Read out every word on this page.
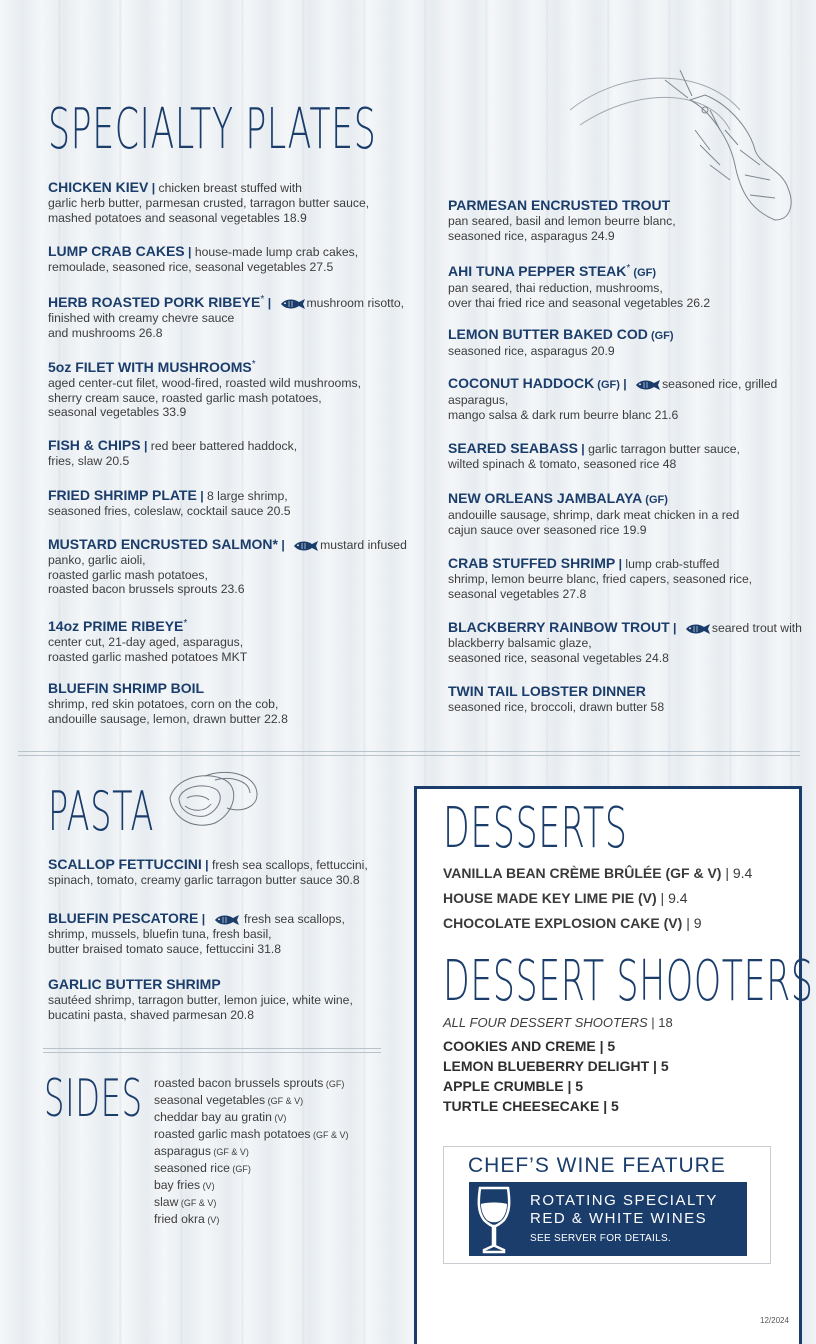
SPECIALTY PLATES
CHICKEN KIEV | chicken breast stuffed with
garlic herb butter, parmesan crusted, tarragon butter sauce,
mashed potatoes and seasonal vegetables 18.9
LUMP CRAB CAKES | house-made lump crab cakes,
remoulade, seasoned rice, seasonal vegetables 27.5
HERB ROASTED PORK RIBEYE* |	mushroom risotto, finished with creamy chevre sauce
and mushrooms 26.8
5oz FILET WITH MUSHROOMS*
aged center-cut filet, wood-fired, roasted wild mushrooms,
sherry cream sauce, roasted garlic mash potatoes,
seasonal vegetables 33.9
FISH & CHIPS | red beer battered haddock,
fries, slaw 20.5
FRIED SHRIMP PLATE | 8 large shrimp,
seasoned fries, coleslaw, cocktail sauce 20.5
MUSTARD ENCRUSTED SALMON* |	mustard infused panko, garlic aioli,
roasted garlic mash potatoes,
roasted bacon brussels sprouts 23.6
14oz PRIME RIBEYE*
center cut, 21-day aged, asparagus,
roasted garlic mashed potatoes MKT
BLUEFIN SHRIMP BOIL
shrimp, red skin potatoes, corn on the cob,
andouille sausage, lemon, drawn butter 22.8
PARMESAN ENCRUSTED TROUT
pan seared, basil and lemon beurre blanc,
seasoned rice, asparagus 24.9
AHI TUNA PEPPER STEAK* (GF)
pan seared, thai reduction, mushrooms,
over thai fried rice and seasonal vegetables 26.2
LEMON BUTTER BAKED COD (GF)
seasoned rice, asparagus 20.9
COCONUT HADDOCK (GF) |	seasoned rice, grilled asparagus,
mango salsa & dark rum beurre blanc 21.6
SEARED SEABASS | garlic tarragon butter sauce,
wilted spinach & tomato, seasoned rice 48
NEW ORLEANS JAMBALAYA (GF)
andouille sausage, shrimp, dark meat chicken in a red
cajun sauce over seasoned rice 19.9
CRAB STUFFED SHRIMP | lump crab-stuffed
shrimp, lemon beurre blanc, fried capers, seasoned rice,
seasonal vegetables 27.8
BLACKBERRY RAINBOW TROUT |	seared trout with blackberry balsamic glaze,
seasoned rice, seasonal vegetables 24.8
TWIN TAIL LOBSTER DINNER
seasoned rice, broccoli, drawn butter 58
PASTA
SCALLOP FETTUCCINI | fresh sea scallops, fettuccini,
spinach, tomato, creamy garlic tarragon butter sauce 30.8
BLUEFIN PESCATORE |	fresh sea scallops,
shrimp, mussels, bluefin tuna, fresh basil,
butter braised tomato sauce, fettuccini 31.8
GARLIC BUTTER SHRIMP
sautéed shrimp, tarragon butter, lemon juice, white wine,
bucatini pasta, shaved parmesan 20.8
SIDES roasted bacon brussels sprouts (GF)
seasonal vegetables (GF & V)
cheddar bay au gratin (V)
roasted garlic mash potatoes (GF & V)
asparagus (GF & V)
seasoned rice (GF)
bay fries (V)
slaw (GF & V)
fried okra (V)
DESSERTS
VANILLA BEAN CRÈME BRÛLÉE (GF & V) | 9.4
HOUSE MADE KEY LIME PIE (V) | 9.4
CHOCOLATE EXPLOSION CAKE (V) | 9
DESSERT SHOOTERS
ALL FOUR DESSERT SHOOTERS | 18
COOKIES AND CREME | 5
LEMON BLUEBERRY DELIGHT | 5
APPLE CRUMBLE | 5
TURTLE CHEESECAKE | 5
CHEF’S WINE FEATURE
ROTATING SPECIALTY
RED & WHITE WINES
SEE SERVER FOR DETAILS.
12/2024
